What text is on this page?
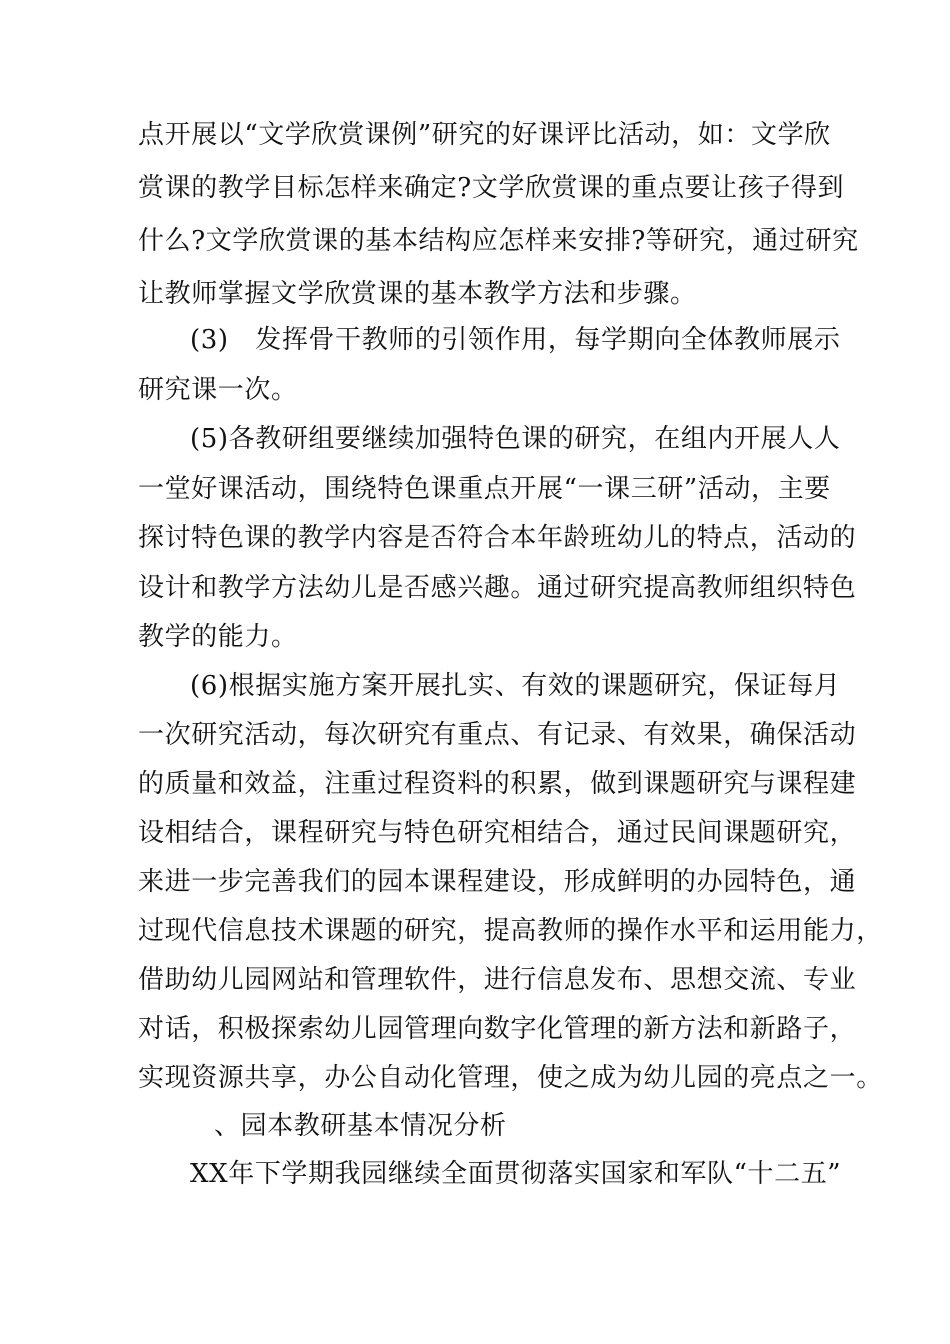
点开展以“文学欣赏课例”研究的好课评比活动，如：文学欣
赏课的教学目标怎样来确定?文学欣赏课的重点要让孩子得到
什么?文学欣赏课的基本结构应怎样来安排?等研究，通过研究
让教师掌握文学欣赏课的基本教学方法和步骤。
(3)　发挥骨干教师的引领作用，每学期向全体教师展示
研究课一次。
(5)各教研组要继续加强特色课的研究，在组内开展人人
一堂好课活动，围绕特色课重点开展“一课三研”活动，主要
探讨特色课的教学内容是否符合本年龄班幼儿的特点，活动的
设计和教学方法幼儿是否感兴趣。通过研究提高教师组织特色
教学的能力。
(6)根据实施方案开展扎实、有效的课题研究，保证每月
一次研究活动，每次研究有重点、有记录、有效果，确保活动
的质量和效益，注重过程资料的积累，做到课题研究与课程建
设相结合，课程研究与特色研究相结合，通过民间课题研究，
来进一步完善我们的园本课程建设，形成鲜明的办园特色，通
过现代信息技术课题的研究，提高教师的操作水平和运用能力，
借助幼儿园网站和管理软件，进行信息发布、思想交流、专业
对话，积极探索幼儿园管理向数字化管理的新方法和新路子，
实现资源共享，办公自动化管理，使之成为幼儿园的亮点之一。
、园本教研基本情况分析
XX年下学期我园继续全面贯彻落实国家和军队“十二五”
